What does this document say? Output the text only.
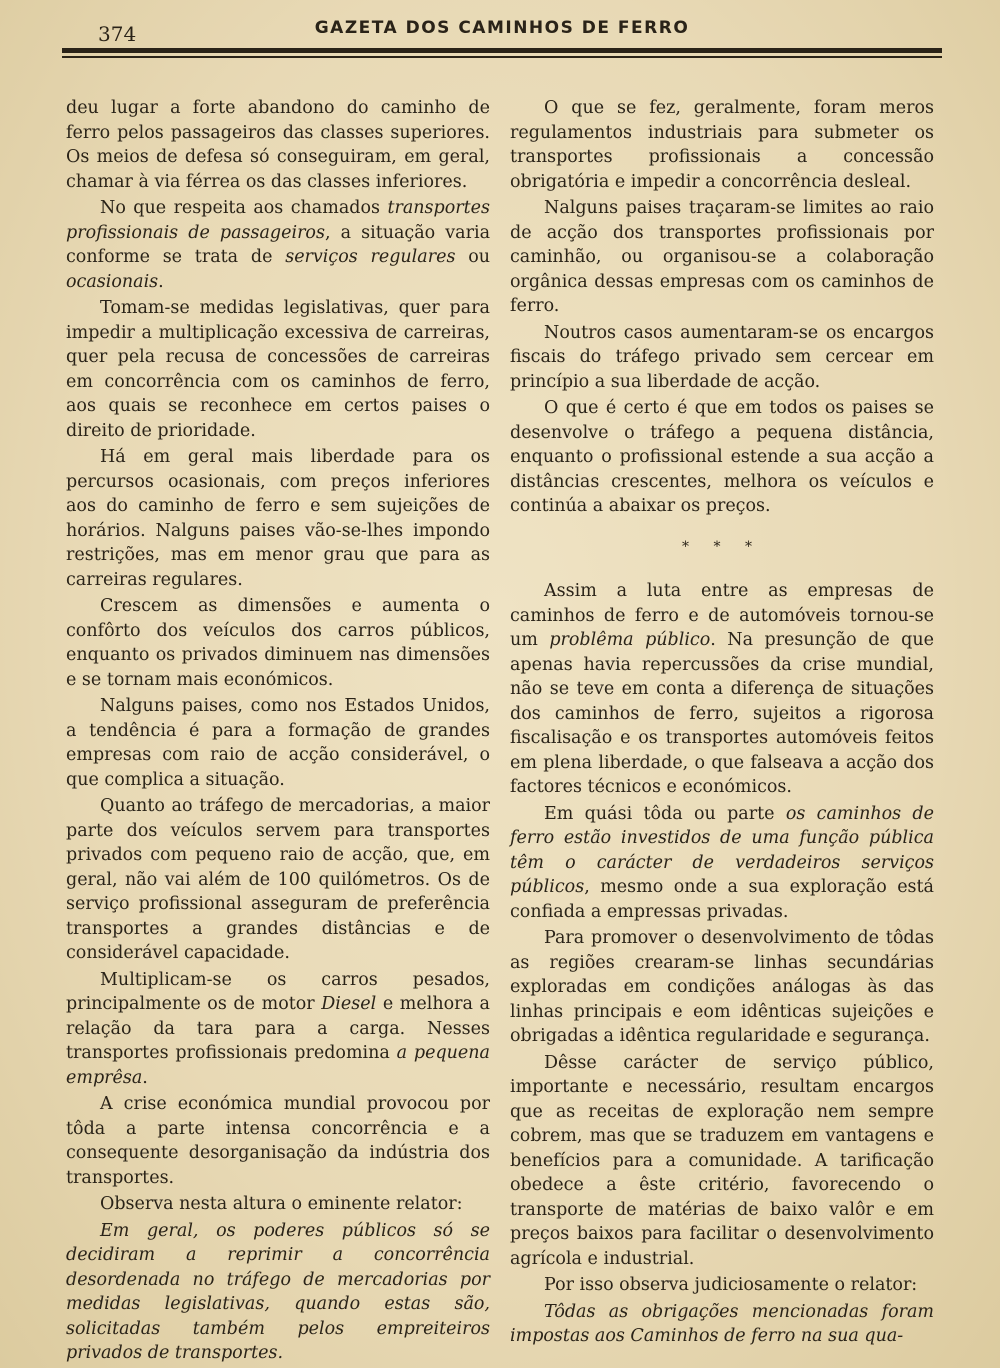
374	GAZETA DOS CAMINHOS DE FERRO

deu lugar a forte abandono do caminho de ferro pelos passageiros das classes superiores. Os meios de defesa só conseguiram, em geral, chamar à via férrea os das classes inferiores.

No que respeita aos chamados transportes profissionais de passageiros, a situação varia conforme se trata de serviços regulares ou ocasionais.

Tomam-se medidas legislativas, quer para impedir a multiplicação excessiva de carreiras, quer pela recusa de concessões de carreiras em concorrência com os caminhos de ferro, aos quais se reconhece em certos paises o direito de prioridade.

Há em geral mais liberdade para os percursos ocasionais, com preços inferiores aos do caminho de ferro e sem sujeições de horários. Nalguns paises vão-se-lhes impondo restrições, mas em menor grau que para as carreiras regulares.

Crescem as dimensões e aumenta o confôrto dos veículos dos carros públicos, enquanto os privados diminuem nas dimensões e se tornam mais económicos.

Nalguns paises, como nos Estados Unidos, a tendência é para a formação de grandes empresas com raio de acção considerável, o que complica a situação.

Quanto ao tráfego de mercadorias, a maior parte dos veículos servem para transportes privados com pequeno raio de acção, que, em geral, não vai além de 100 quilómetros. Os de serviço profissional asseguram de preferência transportes a grandes distâncias e de considerável capacidade.

Multiplicam-se os carros pesados, principalmente os de motor Diesel e melhora a relação da tara para a carga. Nesses transportes profissionais predomina a pequena emprêsa.

A crise económica mundial provocou por tôda a parte intensa concorrência e a consequente desorganisação da indústria dos transportes.

Observa nesta altura o eminente relator:

Em geral, os poderes públicos só se decidiram a reprimir a concorrência desordenada no tráfego de mercadorias por medidas legislativas, quando estas são, solicitadas também pelos empreiteiros privados de transportes.

O que se fez, geralmente, foram meros regulamentos industriais para submeter os transportes profissionais a concessão obrigatória e impedir a concorrência desleal.

Nalguns paises traçaram-se limites ao raio de acção dos transportes profissionais por caminhão, ou organisou-se a colaboração orgânica dessas empresas com os caminhos de ferro.

Noutros casos aumentaram-se os encargos fiscais do tráfego privado sem cercear em princípio a sua liberdade de acção.

O que é certo é que em todos os paises se desenvolve o tráfego a pequena distância, enquanto o profissional estende a sua acção a distâncias crescentes, melhora os veículos e continúa a abaixar os preços.

* * *

Assim a luta entre as empresas de caminhos de ferro e de automóveis tornou-se um problêma público. Na presunção de que apenas havia repercussões da crise mundial, não se teve em conta a diferença de situações dos caminhos de ferro, sujeitos a rigorosa fiscalisação e os transportes automóveis feitos em plena liberdade, o que falseava a acção dos factores técnicos e económicos.

Em quási tôda ou parte os caminhos de ferro estão investidos de uma função pública têm o carácter de verdadeiros serviços públicos, mesmo onde a sua exploração está confiada a empressas privadas.

Para promover o desenvolvimento de tôdas as regiões crearam-se linhas secundárias exploradas em condições análogas às das linhas principais e eom idênticas sujeições e obrigadas a idêntica regularidade e segurança.

Dêsse carácter de serviço público, importante e necessário, resultam encargos que as receitas de exploração nem sempre cobrem, mas que se traduzem em vantagens e benefícios para a comunidade. A tarificação obedece a êste critério, favorecendo o transporte de matérias de baixo valôr e em preços baixos para facilitar o desenvolvimento agrícola e industrial.

Por isso observa judiciosamente o relator:

Tôdas as obrigações mencionadas foram impostas aos Caminhos de ferro na sua qua-
